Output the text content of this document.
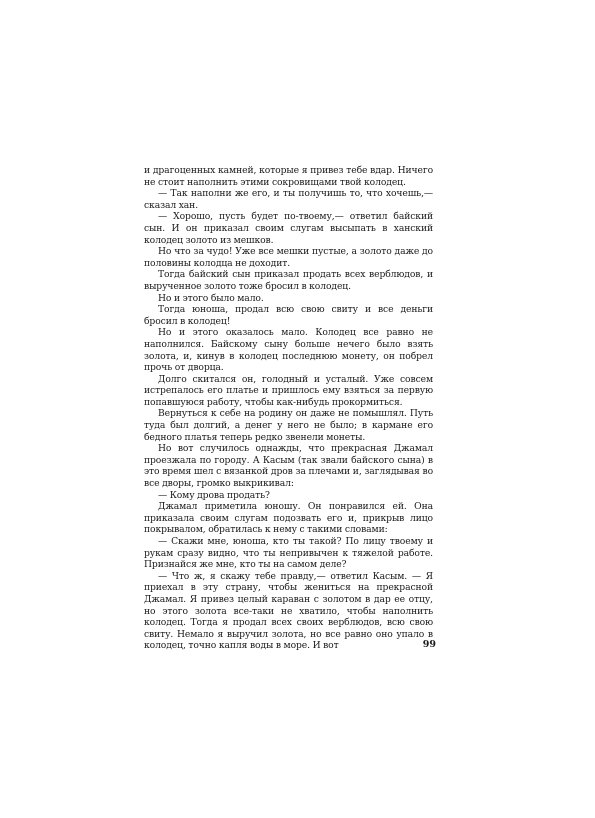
и драгоценных камней, которые я привез тебе вдар. Ничего не стоит наполнить этими сокровищами твой колодец.

— Так наполни же его, и ты получишь то, что хочешь,— сказал хан.

— Хорошо, пусть будет по-твоему,— ответил байский сын. И он приказал своим слугам высыпать в ханский колодец золото из мешков.

Но что за чудо! Уже все мешки пустые, а золото даже до половины колодца не доходит.

Тогда байский сын приказал продать всех верблюдов, и вырученное золото тоже бросил в колодец.

Но и этого было мало.

Тогда юноша, продал всю свою свиту и все деньги бросил в колодец!

Но и этого оказалось мало. Колодец все равно не наполнился. Байскому сыну больше нечего было взять золота, и, кинув в колодец последнюю монету, он побрел прочь от дворца.

Долго скитался он, голодный и усталый. Уже совсем истрепалось его платье и пришлось ему взяться за первую попавшуюся работу, чтобы как-нибудь прокормиться.

Вернуться к себе на родину он даже не помышлял. Путь туда был долгий, а денег у него не было; в кармане его бедного платья теперь редко звенели монеты.

Но вот случилось однажды, что прекрасная Джамал проезжала по городу. А Касым (так звали байского сына) в это время шел с вязанкой дров за плечами и, заглядывая во все дворы, громко выкрикивал:

— Кому дрова продать?

Джамал приметила юношу. Он понравился ей. Она приказала своим слугам подозвать его и, прикрыв лицо покрывалом, обратилась к нему с такими словами:

— Скажи мне, юноша, кто ты такой? По лицу твоему и рукам сразу видно, что ты непривычен к тяжелой работе. Признайся же мне, кто ты на самом деле?

— Что ж, я скажу тебе правду,— ответил Касым. — Я приехал в эту страну, чтобы жениться на прекрасной Джамал. Я привез целый караван с золотом в дар ее отцу, но этого золота все-таки не хватило, чтобы наполнить колодец. Тогда я продал всех своих верблюдов, всю свою свиту. Немало я выручил золота, но все равно оно упало в колодец, точно капля воды в море. И вот	99
